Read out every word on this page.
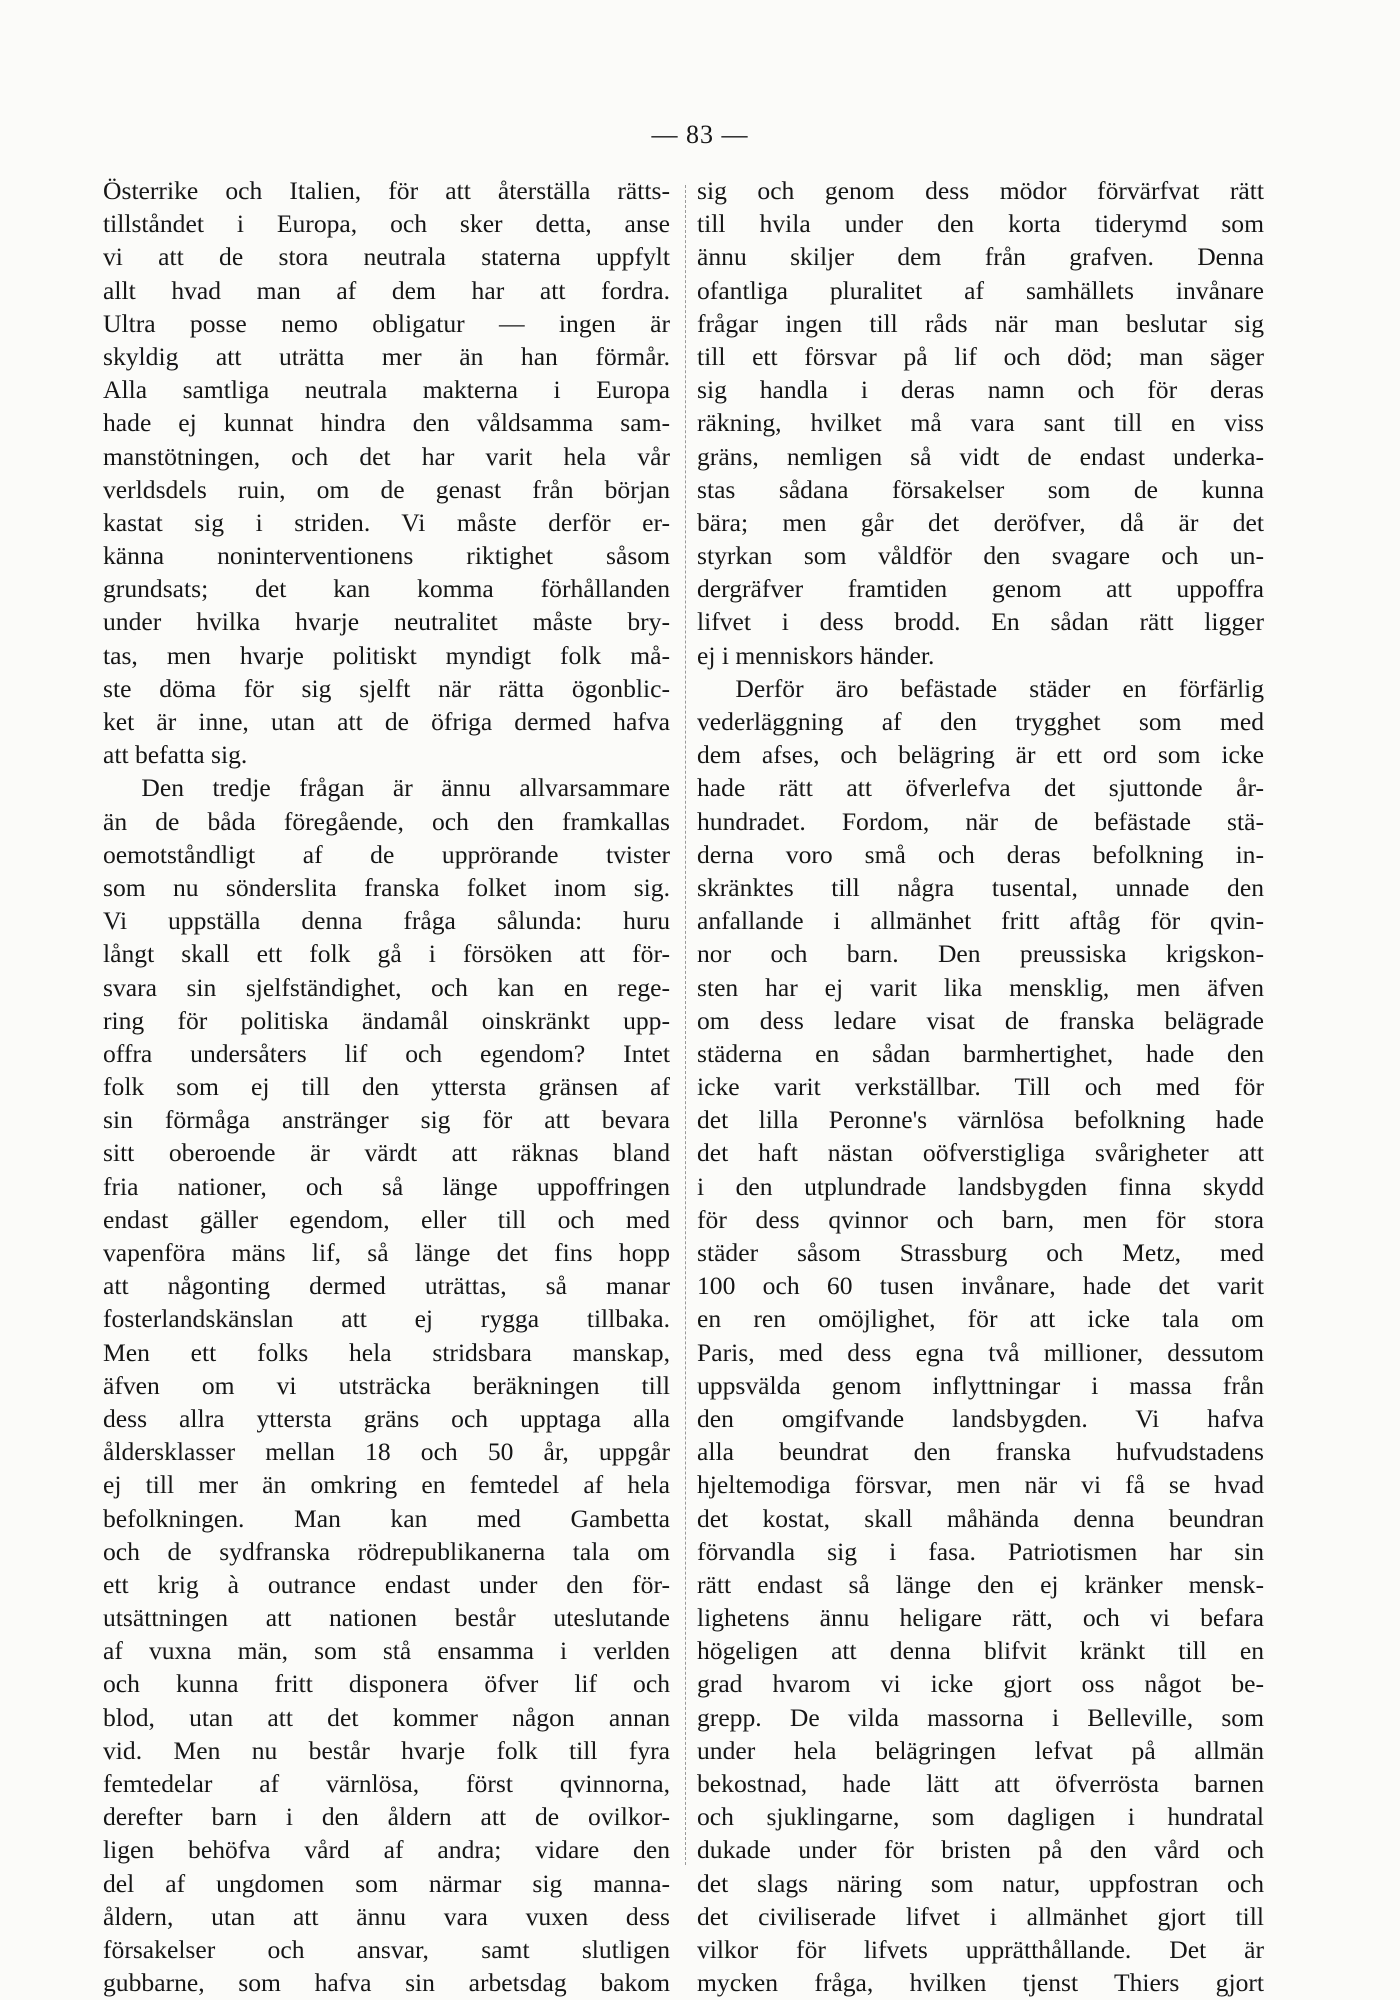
— 83 —
Österrike och Italien, för att återställa rätts-
tillståndet i Europa, och sker detta, anse
vi att de stora neutrala staterna uppfylt
allt hvad man af dem har att fordra.
Ultra posse nemo obligatur — ingen är
skyldig att uträtta mer än han förmår.
Alla samtliga neutrala makterna i Europa
hade ej kunnat hindra den våldsamma sam-
manstötningen, och det har varit hela vår
verldsdels ruin, om de genast från början
kastat sig i striden. Vi måste derför er-
känna noninterventionens riktighet såsom
grundsats; det kan komma förhållanden
under hvilka hvarje neutralitet måste bry-
tas, men hvarje politiskt myndigt folk må-
ste döma för sig sjelft när rätta ögonblic-
ket är inne, utan att de öfriga dermed hafva
att befatta sig.
Den tredje frågan är ännu allvarsammare
än de båda föregående, och den framkallas
oemotståndligt af de upprörande tvister
som nu sönderslita franska folket inom sig.
Vi uppställa denna fråga sålunda: huru
långt skall ett folk gå i försöken att för-
svara sin sjelfständighet, och kan en rege-
ring för politiska ändamål oinskränkt upp-
offra undersåters lif och egendom? Intet
folk som ej till den yttersta gränsen af
sin förmåga anstränger sig för att bevara
sitt oberoende är värdt att räknas bland
fria nationer, och så länge uppoffringen
endast gäller egendom, eller till och med
vapenföra mäns lif, så länge det fins hopp
att någonting dermed uträttas, så manar
fosterlandskänslan att ej rygga tillbaka.
Men ett folks hela stridsbara manskap,
äfven om vi utsträcka beräkningen till
dess allra yttersta gräns och upptaga alla
åldersklasser mellan 18 och 50 år, uppgår
ej till mer än omkring en femtedel af hela
befolkningen. Man kan med Gambetta
och de sydfranska rödrepublikanerna tala om
ett krig à outrance endast under den för-
utsättningen att nationen består uteslutande
af vuxna män, som stå ensamma i verlden
och kunna fritt disponera öfver lif och
blod, utan att det kommer någon annan
vid. Men nu består hvarje folk till fyra
femtedelar af värnlösa, först qvinnorna,
derefter barn i den åldern att de ovilkor-
ligen behöfva vård af andra; vidare den
del af ungdomen som närmar sig manna-
åldern, utan att ännu vara vuxen dess
försakelser och ansvar, samt slutligen
gubbarne, som hafva sin arbetsdag bakom
sig och genom dess mödor förvärfvat rätt
till hvila under den korta tiderymd som
ännu skiljer dem från grafven. Denna
ofantliga pluralitet af samhällets invånare
frågar ingen till råds när man beslutar sig
till ett försvar på lif och död; man säger
sig handla i deras namn och för deras
räkning, hvilket må vara sant till en viss
gräns, nemligen så vidt de endast underka-
stas sådana försakelser som de kunna
bära; men går det deröfver, då är det
styrkan som våldför den svagare och un-
dergräfver framtiden genom att uppoffra
lifvet i dess brodd. En sådan rätt ligger
ej i menniskors händer.
Derför äro befästade städer en förfärlig
vederläggning af den trygghet som med
dem afses, och belägring är ett ord som icke
hade rätt att öfverlefva det sjuttonde år-
hundradet. Fordom, när de befästade stä-
derna voro små och deras befolkning in-
skränktes till några tusental, unnade den
anfallande i allmänhet fritt aftåg för qvin-
nor och barn. Den preussiska krigskon-
sten har ej varit lika mensklig, men äfven
om dess ledare visat de franska belägrade
städerna en sådan barmhertighet, hade den
icke varit verkställbar. Till och med för
det lilla Peronne's värnlösa befolkning hade
det haft nästan oöfverstigliga svårigheter att
i den utplundrade landsbygden finna skydd
för dess qvinnor och barn, men för stora
städer såsom Strassburg och Metz, med
100 och 60 tusen invånare, hade det varit
en ren omöjlighet, för att icke tala om
Paris, med dess egna två millioner, dessutom
uppsvälda genom inflyttningar i massa från
den omgifvande landsbygden. Vi hafva
alla beundrat den franska hufvudstadens
hjeltemodiga försvar, men när vi få se hvad
det kostat, skall måhända denna beundran
förvandla sig i fasa. Patriotismen har sin
rätt endast så länge den ej kränker mensk-
lighetens ännu heligare rätt, och vi befara
högeligen att denna blifvit kränkt till en
grad hvarom vi icke gjort oss något be-
grepp. De vilda massorna i Belleville, som
under hela belägringen lefvat på allmän
bekostnad, hade lätt att öfverrösta barnen
och sjuklingarne, som dagligen i hundratal
dukade under för bristen på den vård och
det slags näring som natur, uppfostran och
det civiliserade lifvet i allmänhet gjort till
vilkor för lifvets upprätthållande. Det är
mycken fråga, hvilken tjenst Thiers gjort
